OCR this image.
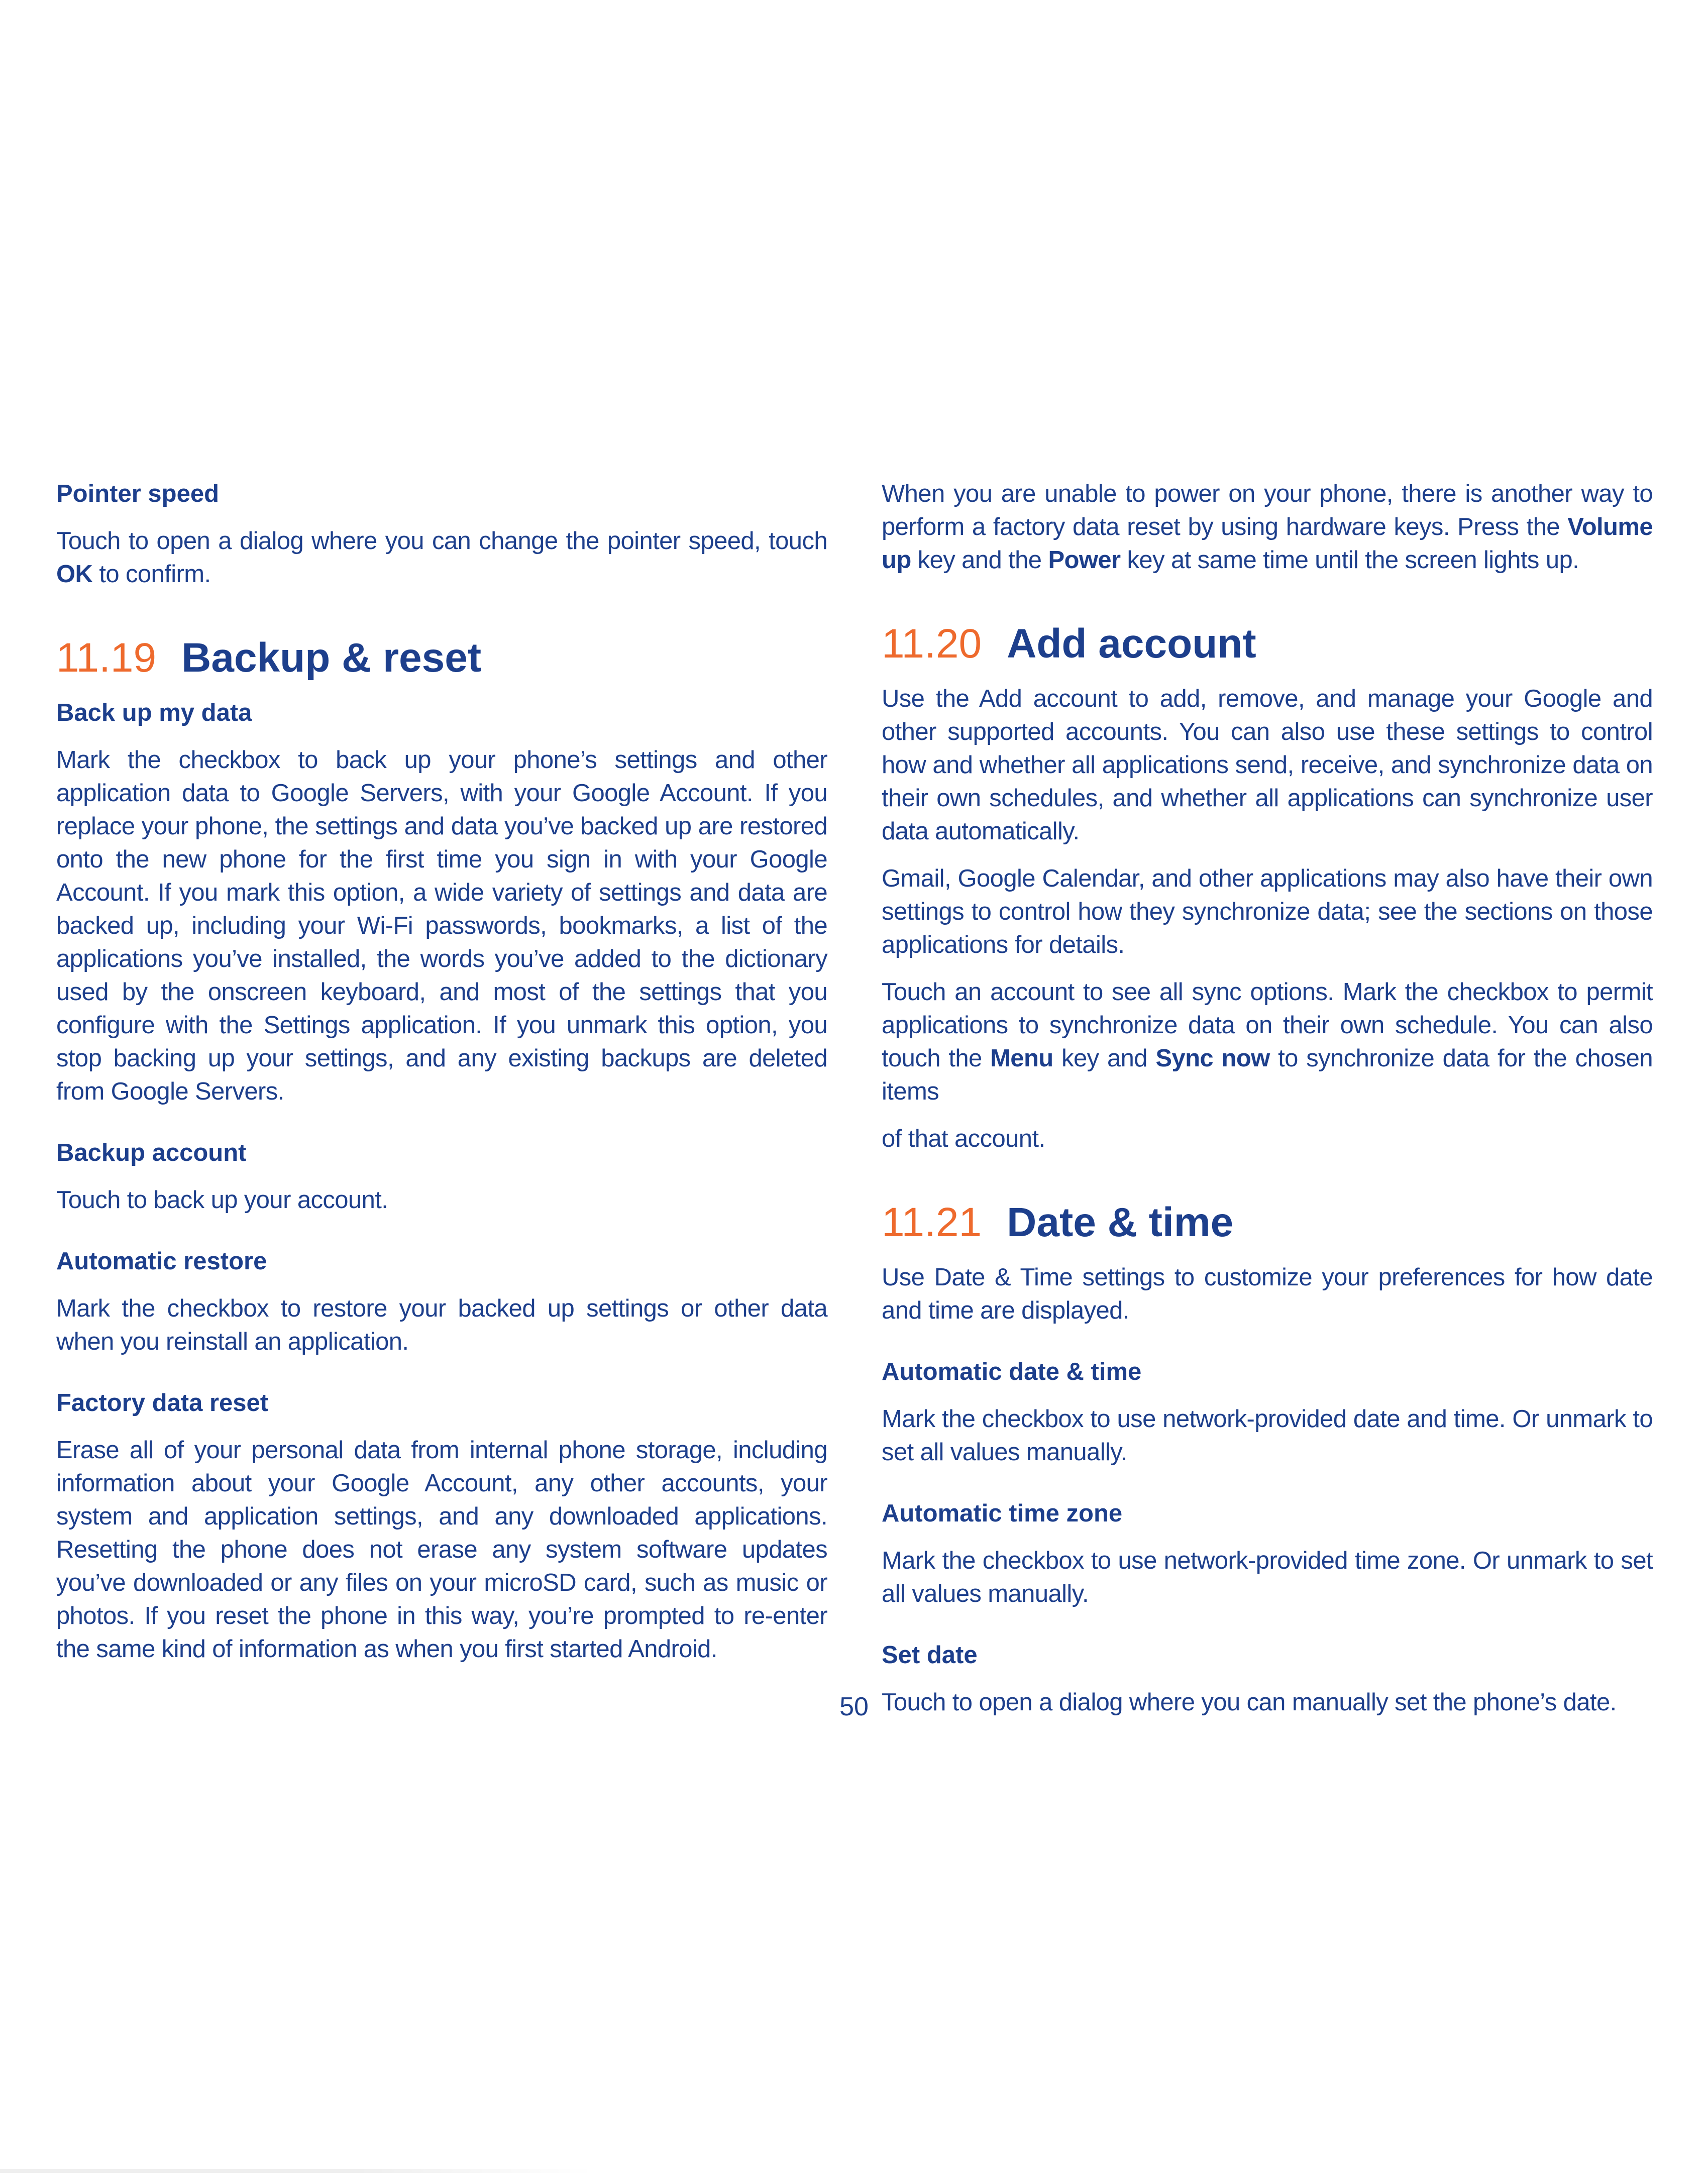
Pointer speed

Touch to open a dialog where you can change the pointer speed, touch OK to confirm.

11.19 Backup & reset
Back up my data

Mark the checkbox to back up your phone’s settings and other application data to Google Servers, with your Google Account. If you replace your phone, the settings and data you’ve backed up are restored onto the new phone for the first time you sign in with your Google Account. If you mark this option, a wide variety of settings and data are backed up, including your Wi-Fi passwords, bookmarks, a list of the applications you’ve installed, the words you’ve added to the dictionary used by the onscreen keyboard, and most of the settings that you configure with the Settings application. If you unmark this option, you stop backing up your settings, and any existing backups are deleted from Google Servers.

Backup account

Touch to back up your account.

Automatic restore

Mark the checkbox to restore your backed up settings or other data when you reinstall an application.

Factory data reset

Erase all of your personal data from internal phone storage, including information about your Google Account, any other accounts, your system and application settings, and any downloaded applications. Resetting the phone does not erase any system software updates you’ve downloaded or any files on your microSD card, such as music or photos. If you reset the phone in this way, you’re prompted to re-enter the same kind of information as when you first started Android.

When you are unable to power on your phone, there is another way to perform a factory data reset by using hardware keys. Press the Volume up key and the Power key at same time until the screen lights up.

11.20 Add account

Use the Add account to add, remove, and manage your Google and other supported accounts. You can also use these settings to control how and whether all applications send, receive, and synchronize data on their own schedules, and whether all applications can synchronize user data automatically.

Gmail, Google Calendar, and other applications may also have their own settings to control how they synchronize data; see the sections on those applications for details.

Touch an account to see all sync options. Mark the checkbox to permit applications to synchronize data on their own schedule. You can also touch the Menu key and Sync now to synchronize data for the chosen items

of that account.

11.21 Date & time

Use Date & Time settings to customize your preferences for how date and time are displayed.

Automatic date & time

Mark the checkbox to use network-provided date and time. Or unmark to set all values manually.

Automatic time zone

Mark the checkbox to use network-provided time zone. Or unmark to set all values manually.

Set date

Touch to open a dialog where you can manually set the phone’s date.

50
